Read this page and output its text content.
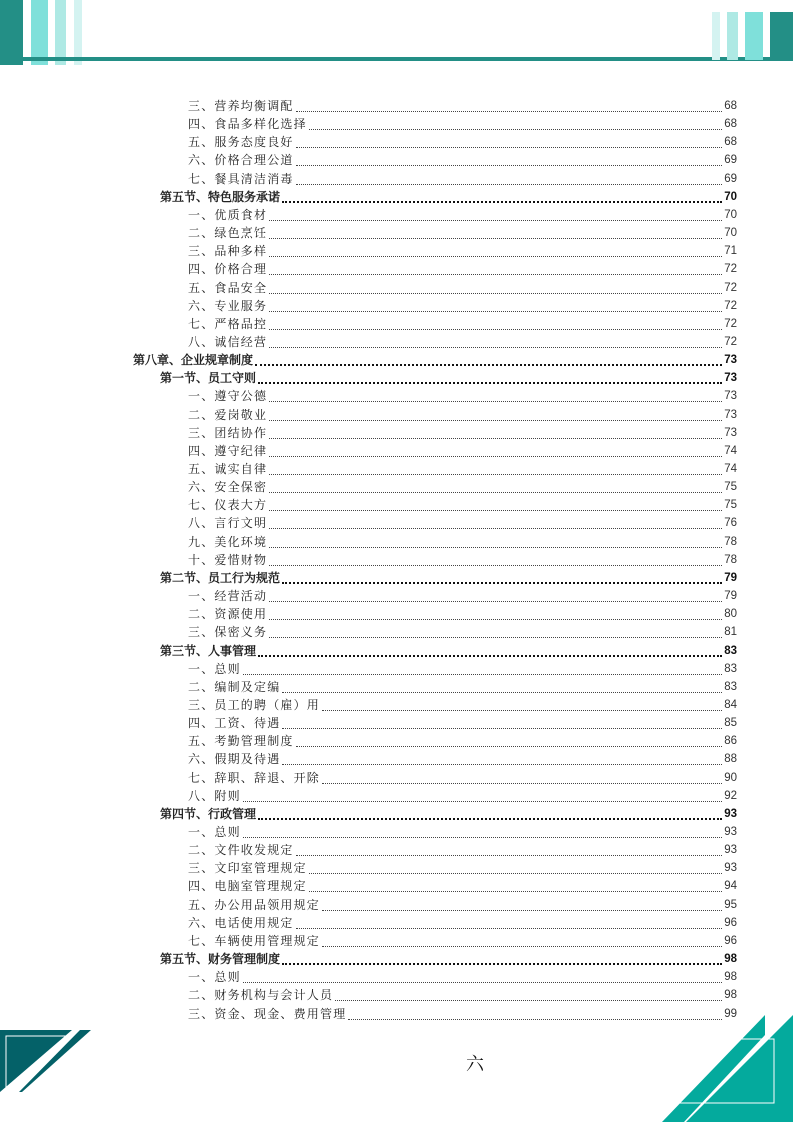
三、营养均衡调配	68
四、食品多样化选择	68
五、服务态度良好	68
六、价格合理公道	69
七、餐具清洁消毒	69
第五节、特色服务承诺	70
一、优质食材	70
二、绿色烹饪	70
三、品种多样	71
四、价格合理	72
五、食品安全	72
六、专业服务	72
七、严格品控	72
八、诚信经营	72
第八章、企业规章制度	73
第一节、员工守则	73
一、遵守公德	73
二、爱岗敬业	73
三、团结协作	73
四、遵守纪律	74
五、诚实自律	74
六、安全保密	75
七、仪表大方	75
八、言行文明	76
九、美化环境	78
十、爱惜财物	78
第二节、员工行为规范	79
一、经营活动	79
二、资源使用	80
三、保密义务	81
第三节、人事管理	83
一、总则	83
二、编制及定编	83
三、员工的聘（雇）用	84
四、工资、待遇	85
五、考勤管理制度	86
六、假期及待遇	88
七、辞职、辞退、开除	90
八、附则	92
第四节、行政管理	93
一、总则	93
二、文件收发规定	93
三、文印室管理规定	93
四、电脑室管理规定	94
五、办公用品领用规定	95
六、电话使用规定	96
七、车辆使用管理规定	96
第五节、财务管理制度	98
一、总则	98
二、财务机构与会计人员	98
三、资金、现金、费用管理	99
六
